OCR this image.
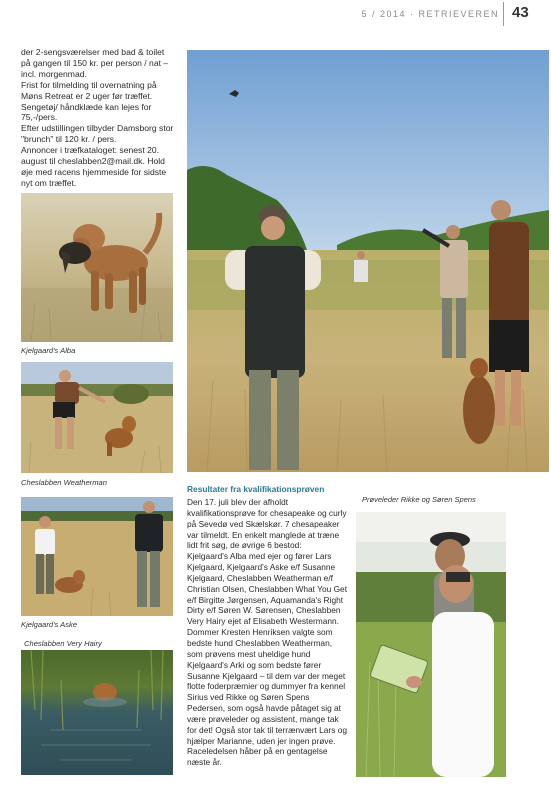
5 / 2014 · RETRIEVEREN 43

der 2-sengsværelser med bad & toilet på gangen til 150 kr. per person / nat – incl. morgenmad.

Frist for tilmelding til overnatning på Møns Retreat er 2 uger før træffet. Sengetøj/ håndklæde kan lejes for 75,-/pers.

Efter udstillingen tilbyder Damsborg stor "brunch" til 120 kr. / pers.

Annoncer i træfkataloget: senest 20. august til cheslabben2@mail.dk. Hold øje med racens hjemmeside for sidste nyt om træffet.

Kjelgaard's Alba
Cheslabben Weatherman
Kjelgaard's Aske
Cheslabben Very Hairy
Resultater fra kvalifikationsprøven

Den 17. juli blev der afholdt kvalifikationsprøve for chesapeake og curly på Sevedø ved Skælskør. 7 chesapeaker var tilmeldt. En enkelt manglede at træne lidt frit søg, de øvrige 6 bestod:

Kjelgaard's Alba med ejer og fører Lars Kjelgaard, Kjelgaard's Aske e/f Susanne Kjelgaard, Cheslabben Weatherman e/f Christian Olsen, Cheslabben What You Get e/f Birgitte Jørgensen, Aquamanda's Right Dirty e/f Søren W. Sørensen, Cheslabben Very Hairy ejet af Elisabeth Westermann.

Dommer Kresten Henriksen valgte som bedste hund Cheslabben Weatherman, som prøvens mest uheldige hund Kjelgaard's Arki og som bedste fører Susanne Kjelgaard – til dem var der meget flotte foderpræmier og dummyer fra kennel Sirius ved Rikke og Søren Spens Pedersen, som også havde påtaget sig at være prøveleder og assistent, mange tak for det! Også stor tak til terrænvært Lars og hjælper Marianne, uden jer ingen prøve. Raceledelsen håber på en gentagelse næste år.

Prøveleder Rikke og Søren Spens
